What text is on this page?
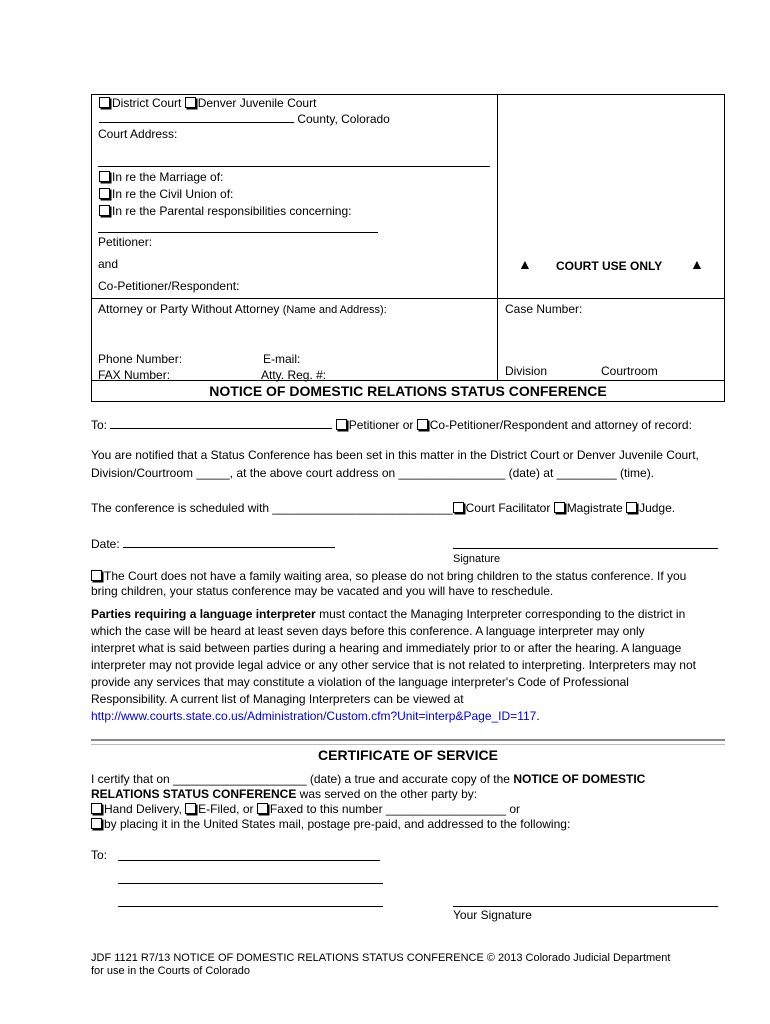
District Court Denver Juvenile Court
County, Colorado
Court Address:
In re the Marriage of:
In re the Civil Union of:
In re the Parental responsibilities concerning:
Petitioner:
and
Co-Petitioner/Respondent:
▲ COURT USE ONLY ▲
Attorney or Party Without Attorney (Name and Address):
Phone Number:	E-mail:
FAX Number:	Atty. Reg. #:
Case Number:
Division	Courtroom
NOTICE OF DOMESTIC RELATIONS STATUS CONFERENCE
To:	Petitioner or Co-Petitioner/Respondent and attorney of record:
You are notified that a Status Conference has been set in this matter in the District Court or Denver Juvenile Court,
Division/Courtroom _____, at the above court address on ________________ (date) at _________ (time).
The conference is scheduled with ___________________________ Court Facilitator Magistrate Judge.
Date:
Signature
The Court does not have a family waiting area, so please do not bring children to the status conference. If you
bring children, your status conference may be vacated and you will have to reschedule.
Parties requiring a language interpreter must contact the Managing Interpreter corresponding to the district in
which the case will be heard at least seven days before this conference. A language interpreter may only
interpret what is said between parties during a hearing and immediately prior to or after the hearing. A language
interpreter may not provide legal advice or any other service that is not related to interpreting. Interpreters may not
provide any services that may constitute a violation of the language interpreter's Code of Professional
Responsibility. A current list of Managing Interpreters can be viewed at
http://www.courts.state.co.us/Administration/Custom.cfm?Unit=interp&Page_ID=117.
CERTIFICATE OF SERVICE
I certify that on ____________________ (date) a true and accurate copy of the NOTICE OF DOMESTIC
RELATIONS STATUS CONFERENCE was served on the other party by:
Hand Delivery, E-Filed, or Faxed to this number __________________ or
by placing it in the United States mail, postage pre-paid, and addressed to the following:
To:
Your Signature
JDF 1121 R7/13 NOTICE OF DOMESTIC RELATIONS STATUS CONFERENCE © 2013 Colorado Judicial Department
for use in the Courts of Colorado
